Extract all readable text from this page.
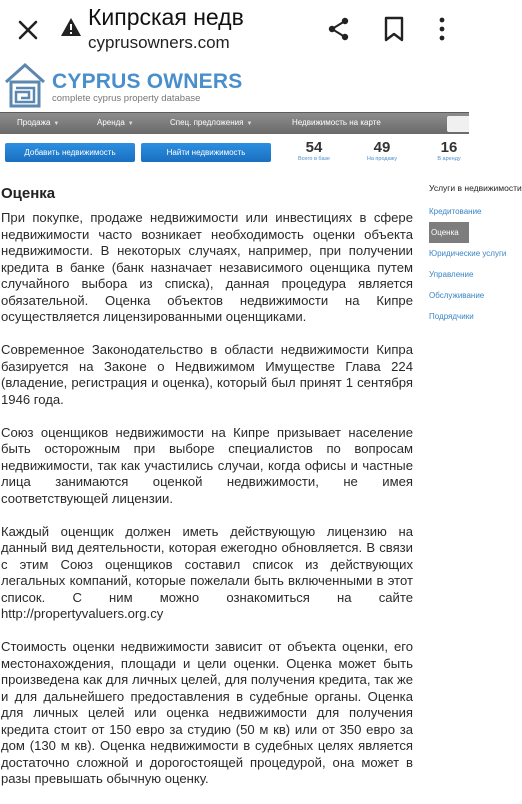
Кипрская недв
cyprusowners.com
CYPRUS OWNERS
complete cyprus property database
Продажа ▼	Аренда ▼	Спец. предложения ▼	Недвижимость на карте
Добавить недвижимость	Найти недвижимость	54
Всего в базе
49
На продажу
16
В аренду
Оценка

При покупке, продаже недвижимости или инвестициях в сфере недвижимости часто возникает необходимость оценки объекта недвижимости. В некоторых случаях, например, при получении кредита в банке (банк назначает независимого оценщика путем случайного выбора из списка), данная процедура является обязательной. Оценка объектов недвижимости на Кипре осуществляется лицензированными оценщиками.

Современное Законодательство в области недвижимости Кипра базируется на Законе о Недвижимом Имуществе Глава 224 (владение, регистрация и оценка), который был принят 1 сентября 1946 года.

Союз оценщиков недвижимости на Кипре призывает население быть осторожным при выборе специалистов по вопросам недвижимости, так как участились случаи, когда офисы и частные лица занимаются оценкой недвижимости, не имея соответствующей лицензии.

Каждый оценщик должен иметь действующую лицензию на данный вид деятельности, которая ежегодно обновляется. В связи с этим Союз оценщиков составил список из действующих легальных компаний, которые пожелали быть включенными в этот список. С ним можно ознакомиться на сайте http://propertyvaluers.org.cy

Стоимость оценки недвижимости зависит от объекта оценки, его местонахождения, площади и цели оценки. Оценка может быть произведена как для личных целей, для получения кредита, так же и для дальнейшего предоставления в судебные органы. Оценка для личных целей или оценка недвижимости для получения кредита стоит от 150 евро за студию (50 м кв) или от 350 евро за дом (130 м кв). Оценка недвижимости в судебных целях является достаточно сложной и дорогостоящей процедурой, она может в разы превышать обычную оценку.

Услуги в недвижимости
Кредитование
Оценка
Юридические услуги
Управление
Обслуживание
Подрядчики
